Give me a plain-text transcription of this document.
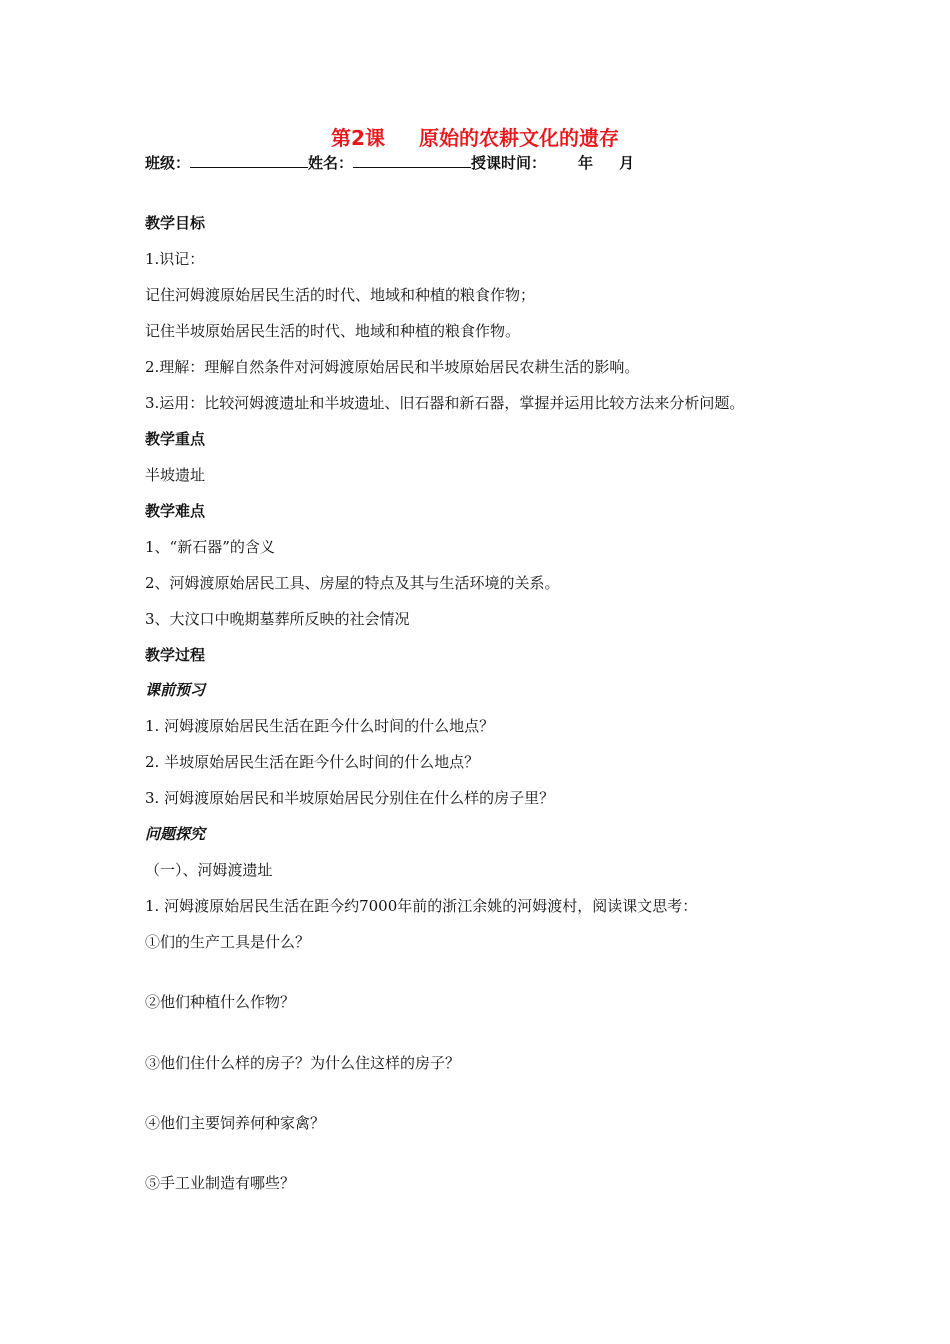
第2课 原始的农耕文化的遗存
班级：	姓名：	授课时间： 年 月
教学目标
1.识记：
记住河姆渡原始居民生活的时代、地域和种植的粮食作物；
记住半坡原始居民生活的时代、地域和种植的粮食作物。
2.理解：理解自然条件对河姆渡原始居民和半坡原始居民农耕生活的影响。
3.运用：比较河姆渡遗址和半坡遗址、旧石器和新石器，掌握并运用比较方法来分析问题。
教学重点
半坡遗址
教学难点
1、“新石器”的含义
2、河姆渡原始居民工具、房屋的特点及其与生活环境的关系。
3、大汶口中晚期墓葬所反映的社会情况
教学过程
课前预习
1. 河姆渡原始居民生活在距今什么时间的什么地点？
2. 半坡原始居民生活在距今什么时间的什么地点？
3. 河姆渡原始居民和半坡原始居民分别住在什么样的房子里？
问题探究
（一）、河姆渡遗址
1. 河姆渡原始居民生活在距今约7000年前的浙江余姚的河姆渡村，阅读课文思考：
①们的生产工具是什么？
②他们种植什么作物？
③他们住什么样的房子？为什么住这样的房子？
④他们主要饲养何种家禽？
⑤手工业制造有哪些？
